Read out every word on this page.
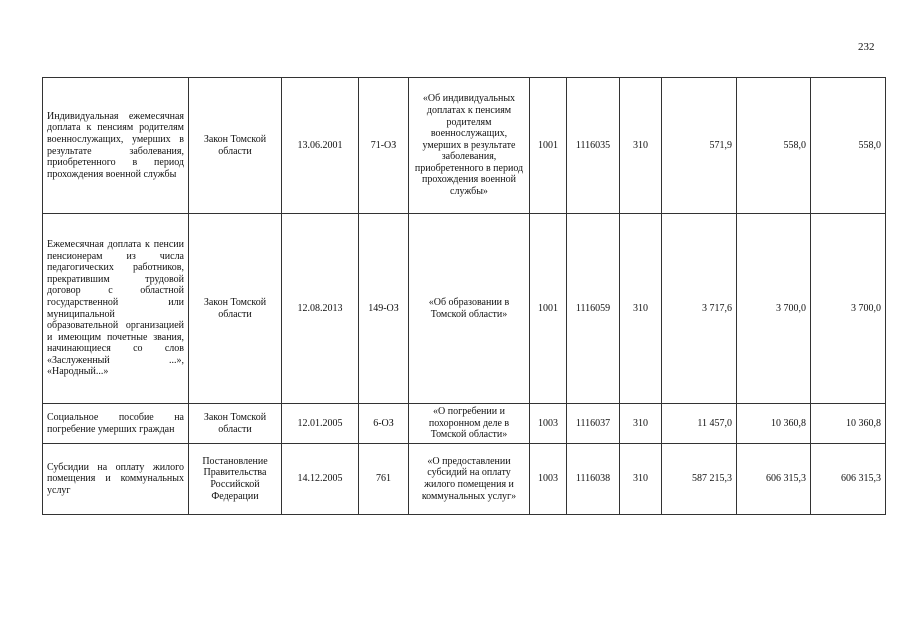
232
Индивидуальная ежемесячная доплата к пенсиям родителям военнослужащих, умерших в результате заболевания, приобретенного в период прохождения военной службы	Закон Томской области	13.06.2001	71-ОЗ	«Об индивидуальных доплатах к пенсиям родителям военнослужащих, умерших в результате заболевания, приобретенного в период прохождения военной службы»	1001	1116035	310	571,9	558,0	558,0
Ежемесячная доплата к пенсии пенсионерам из числа педагогических работников, прекратившим трудовой договор с областной государственной или муниципальной образовательной организацией и имеющим почетные звания, начинающиеся со слов «Заслуженный ...», «Народный...»	Закон Томской области	12.08.2013	149-ОЗ	«Об образовании в Томской области»	1001	1116059	310	3 717,6	3 700,0	3 700,0
Социальное пособие на погребение умерших граждан	Закон Томской области	12.01.2005	6-ОЗ	«О погребении и похоронном деле в Томской области»	1003	1116037	310	11 457,0	10 360,8	10 360,8
Субсидии на оплату жилого помещения и коммунальных услуг	Постановление Правительства Российской Федерации	14.12.2005	761	«О предоставлении субсидий на оплату жилого помещения и коммунальных услуг»	1003	1116038	310	587 215,3	606 315,3	606 315,3
